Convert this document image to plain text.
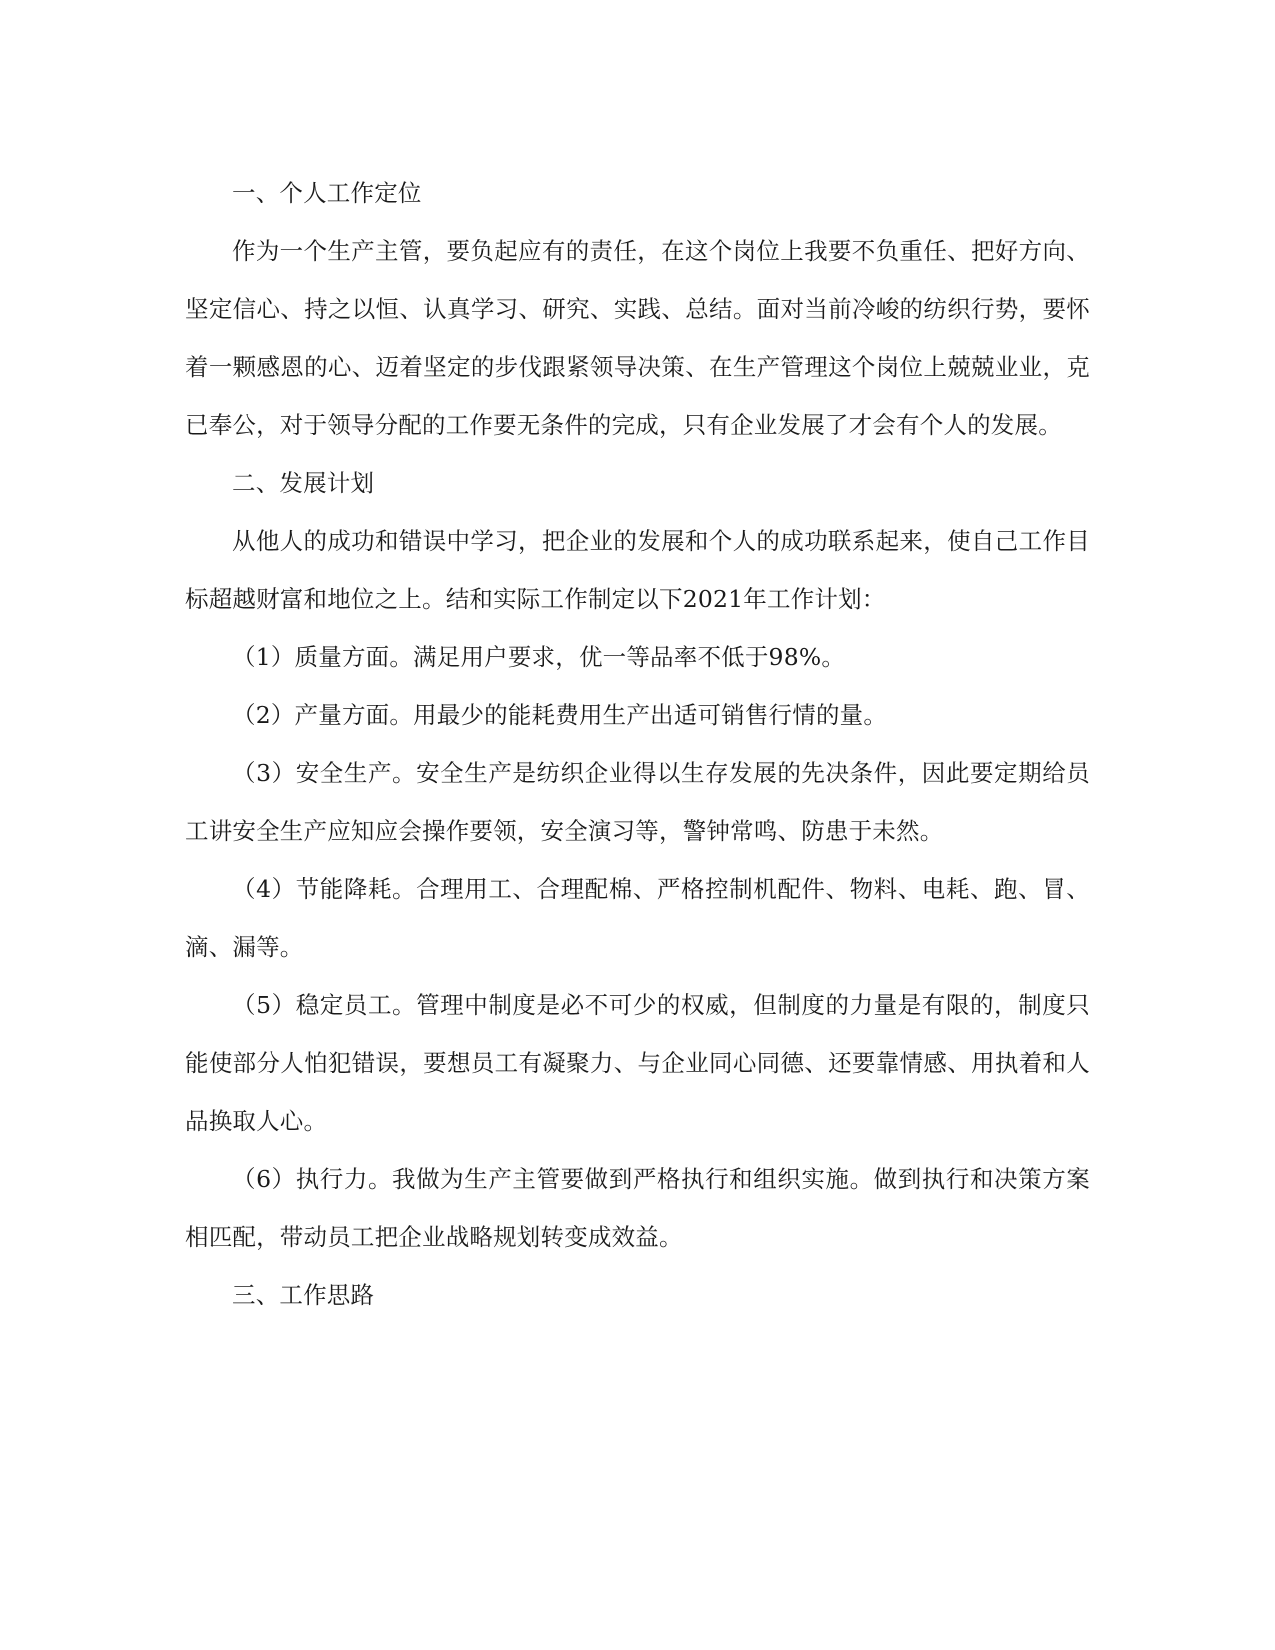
一、个人工作定位

作为一个生产主管，要负起应有的责任，在这个岗位上我要不负重任、把好方向、坚定信心、持之以恒、认真学习、研究、实践、总结。面对当前冷峻的纺织行势，要怀着一颗感恩的心、迈着坚定的步伐跟紧领导决策、在生产管理这个岗位上兢兢业业，克已奉公，对于领导分配的工作要无条件的完成，只有企业发展了才会有个人的发展。

二、发展计划

从他人的成功和错误中学习，把企业的发展和个人的成功联系起来，使自己工作目标超越财富和地位之上。结和实际工作制定以下2021年工作计划：

（1）质量方面。满足用户要求，优一等品率不低于98%。

（2）产量方面。用最少的能耗费用生产出适可销售行情的量。

（3）安全生产。安全生产是纺织企业得以生存发展的先决条件，因此要定期给员工讲安全生产应知应会操作要领，安全演习等，警钟常鸣、防患于未然。

（4）节能降耗。合理用工、合理配棉、严格控制机配件、物料、电耗、跑、冒、滴、漏等。

（5）稳定员工。管理中制度是必不可少的权威，但制度的力量是有限的，制度只能使部分人怕犯错误，要想员工有凝聚力、与企业同心同德、还要靠情感、用执着和人品换取人心。

（6）执行力。我做为生产主管要做到严格执行和组织实施。做到执行和决策方案相匹配，带动员工把企业战略规划转变成效益。

三、工作思路
